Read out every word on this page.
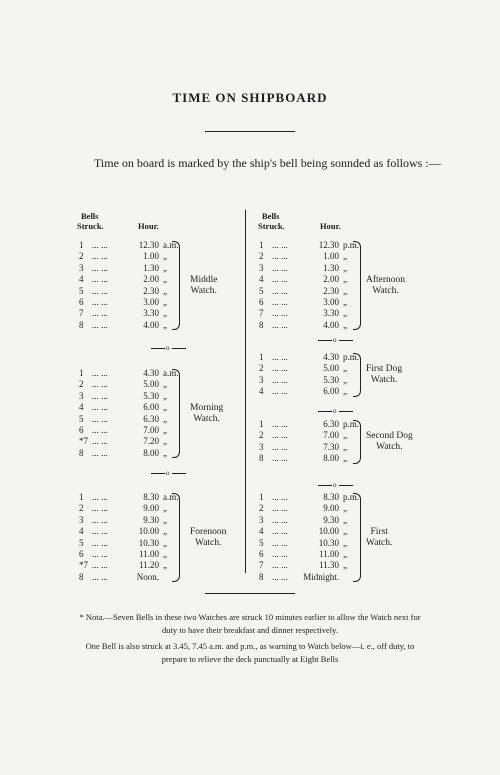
TIME ON SHIPBOARD
Time on board is marked by the ship's bell being sonnded as follows :—
Bells
Struck.	Hour.
Bells
Struck.	Hour.
1 ... ...	12.30 a.m.
2 ... ...	1.00 „
3 ... ...	1.30 „
4 ... ...	2.00 „
5 ... ...	2.30 „
6 ... ...	3.00 „
7 ... ...	3.30 „
8 ... ...	4.00 „
Middle
Watch.
1 ... ...	4.30 a.m.
2 ... ...	5.00 „
3 ... ...	5.30 „
4 ... ...	6.00 „
5 ... ...	6.30 „
6 ... ...	7.00 „
*7 ... ...	7.20 „
8 ... ...	8.00 „
Morning
Watch.
1 ... ...	8.30 a.m.
2 ... ...	9.00 „
3 ... ...	9.30 „
4 ... ...	10.00 „
5 ... ...	10.30 „
6 ... ...	11.00 „
*7 ... ...	11.20 „
8 ... ...	Noon.
Forenoon
Watch.
o
o
1 ... ...	12.30 p.m.
2 ... ...	1.00 „
3 ... ...	1.30 „
4 ... ...	2.00 „
5 ... ...	2.30 „
6 ... ...	3.00 „
7 ... ...	3.30 „
8 ... ...	4.00 „
Afternoon
Watch.
1 ... ...	4.30 p.m.
2 ... ...	5.00 „
3 ... ...	5.30 „
4 ... ...	6.00 „
First Dog
Watch.
1 ... ...	6.30 p.m.
2 ... ...	7.00 „
3 ... ...	7.30 „
8 ... ...	8.00 „
Second Dog
Watch.
1 ... ...	8.30 p.m.
2 ... ...	9.00 „
3 ... ...	9.30 „
4 ... ...	10.00 „
5 ... ...	10.30 „
6 ... ...	11.00 „
7 ... ...	11.30 „
8 ... ... Midnight.
First
Watch.
o
o
o
* Nota.—Seven Bells in these two Watches are struck 10 minutes earlier to allow the Watch next for duty to have their breakfast and dinner respectively.
One Bell is also struck at 3.45, 7.45 a.m. and p.m., as warning to Watch below—i. e., off duty, to prepare to relieve the deck punctually at Eight Bells
